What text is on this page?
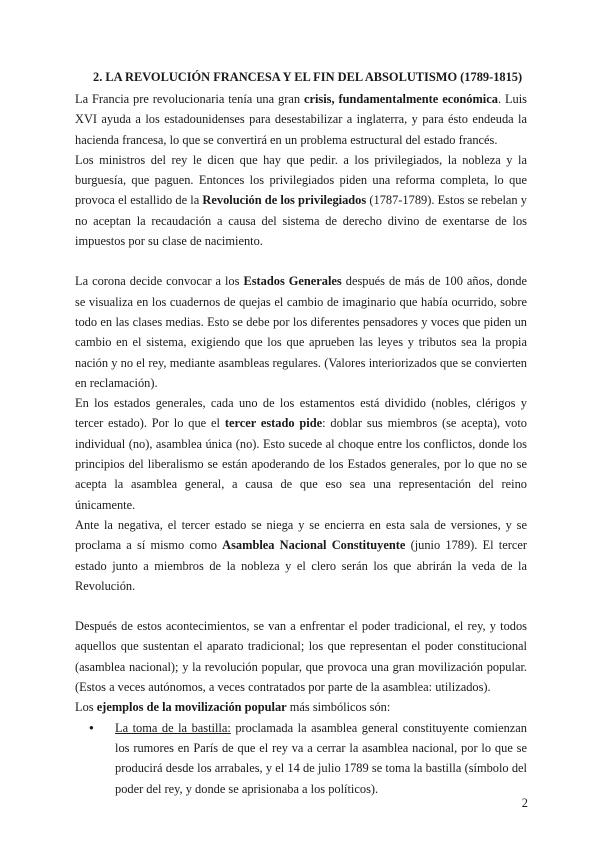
2. LA REVOLUCIÓN FRANCESA Y EL FIN DEL ABSOLUTISMO (1789-1815)

La Francia pre revolucionaria tenía una gran crisis, fundamentalmente económica. Luis XVI ayuda a los estadounidenses para desestabilizar a inglaterra, y para ésto endeuda la hacienda francesa, lo que se convertirá en un problema estructural del estado francés.

Los ministros del rey le dicen que hay que pedir. a los privilegiados, la nobleza y la burguesía, que paguen. Entonces los privilegiados piden una reforma completa, lo que provoca el estallido de la Revolución de los privilegiados (1787-1789). Estos se rebelan y no aceptan la recaudación a causa del sistema de derecho divino de exentarse de los impuestos por su clase de nacimiento.

La corona decide convocar a los Estados Generales después de más de 100 años, donde se visualiza en los cuadernos de quejas el cambio de imaginario que había ocurrido, sobre todo en las clases medias. Esto se debe por los diferentes pensadores y voces que piden un cambio en el sistema, exigiendo que los que aprueben las leyes y tributos sea la propia nación y no el rey, mediante asambleas regulares. (Valores interiorizados que se convierten en reclamación).

En los estados generales, cada uno de los estamentos está dividido (nobles, clérigos y tercer estado). Por lo que el tercer estado pide: doblar sus miembros (se acepta), voto individual (no), asamblea única (no). Esto sucede al choque entre los conflictos, donde los principios del liberalismo se están apoderando de los Estados generales, por lo que no se acepta la asamblea general, a causa de que eso sea una representación del reino únicamente.

Ante la negativa, el tercer estado se niega y se encierra en esta sala de versiones, y se proclama a sí mismo como Asamblea Nacional Constituyente (junio 1789). El tercer estado junto a miembros de la nobleza y el clero serán los que abrirán la veda de la Revolución.

Después de estos acontecimientos, se van a enfrentar el poder tradicional, el rey, y todos aquellos que sustentan el aparato tradicional; los que representan el poder constitucional (asamblea nacional); y la revolución popular, que provoca una gran movilización popular. (Estos a veces autónomos, a veces contratados por parte de la asamblea: utilizados).

Los ejemplos de la movilización popular más simbólicos són:

● La toma de la bastilla: proclamada la asamblea general constituyente comienzan los rumores en París de que el rey va a cerrar la asamblea nacional, por lo que se producirá desde los arrabales, y el 14 de julio 1789 se toma la bastilla (símbolo del poder del rey, y donde se aprisionaba a los políticos).
2
